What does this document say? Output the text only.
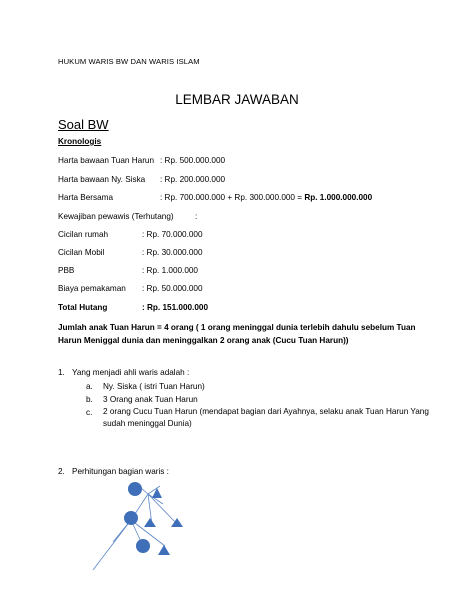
HUKUM WARIS BW DAN WARIS ISLAM
LEMBAR JAWABAN
Soal BW
Kronologis
Harta bawaan Tuan Harun : Rp. 500.000.000
Harta bawaan Ny. Siska : Rp. 200.000.000
Harta Bersama	: Rp. 700.000.000 + Rp. 300.000.000 = Rp. 1.000.000.000
Kewajiban pewawis (Terhutang)	:
Cicilan rumah	: Rp. 70.000.000
Cicilan Mobil	: Rp. 30.000.000
PBB	: Rp. 1.000.000
Biaya pemakaman : Rp. 50.000.000
Total Hutang	: Rp. 151.000.000
Jumlah anak Tuan Harun = 4 orang ( 1 orang meninggal dunia terlebih dahulu sebelum Tuan Harun Meniggal dunia dan meninggalkan 2 orang anak (Cucu Tuan Harun))
1. Yang menjadi ahli waris adalah :
a. Ny. Siska ( istri Tuan Harun)
b. 3 Orang anak Tuan Harun
c. 2 orang Cucu Tuan Harun (mendapat bagian dari Ayahnya, selaku anak Tuan Harun Yang sudah meninggal Dunia)
2. Perhitungan bagian waris :
